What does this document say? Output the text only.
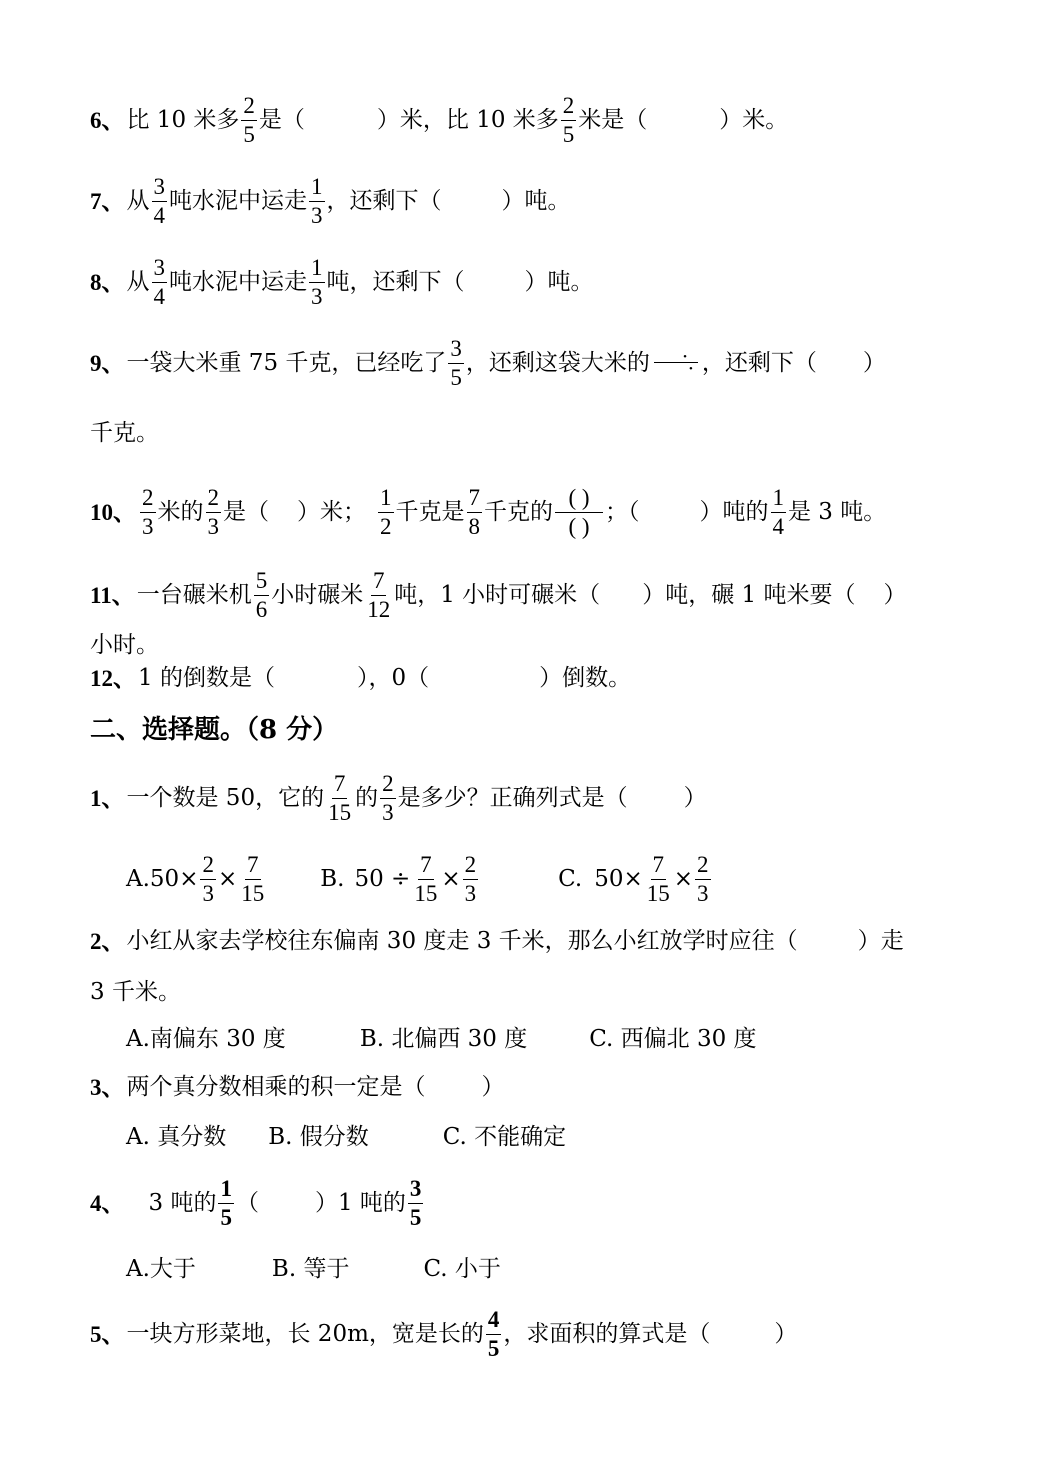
6、 比 10 米多 $\frac{2}{5}$ 是（	）米，比 10 米多 $\frac{2}{5}$ 米是（	）米。
7、 从 $\frac{3}{4}$ 吨水泥中运走 $\frac{1}{3}$ ，还剩下（	）吨。
8、 从 $\frac{3}{4}$ 吨水泥中运走 $\frac{1}{3}$ 吨，还剩下（	）吨。
9、 一袋大米重 75 千克，已经吃了 $\frac{3}{5}$ ，还剩这袋大米的
· · ，还剩下（ ）
千克。
10、 $\frac{2}{3}$ 米的 $\frac{2}{3}$ 是（ ）米； $\frac{1}{2}$ 千克是 $\frac{7}{8}$ 千克的 $\frac{( )}{( )}$ ；（	）吨的 $\frac{1}{4}$ 是 3 吨。
11、 一台碾米机 $\frac{5}{6}$ 小时碾米 $\frac{7}{12}$ 吨，1 小时可碾米（ ）吨，碾 1 吨米要（ ）
小时。
12、 1 的倒数是（	），0（	）倒数。
二、选择题。（8 分）
1、 一个数是 50，它的 $\frac{7}{15}$ 的 $\frac{2}{3}$ 是多少？正确列式是（ ）
A. $50\times \frac{2}{3} \times \frac{7}{15} B$. $50 \div \frac{7}{15} \times \frac{2}{3}$	C. $50\times \frac{7}{15} \times \frac{2}{3}$
2、 小红从家去学校往东偏南 30 度走 3 千米，那么小红放学时应往（	）走
3 千米。
A.南偏东 30 度	B. 北偏西 30 度	C. 西偏北 30 度
3、 两个真分数相乘的积一定是（ ）
A. 真分数 B. 假分数	C. 不能确定
4、 3 吨的 $\frac{1}{5}$ （ ）1 吨的 $\frac{3}{5}$
A.大于	B. 等于	C. 小于
5、 一块方形菜地，长 20m，宽是长的 $\frac{4}{5}$ ，求面积的算式是（	）
